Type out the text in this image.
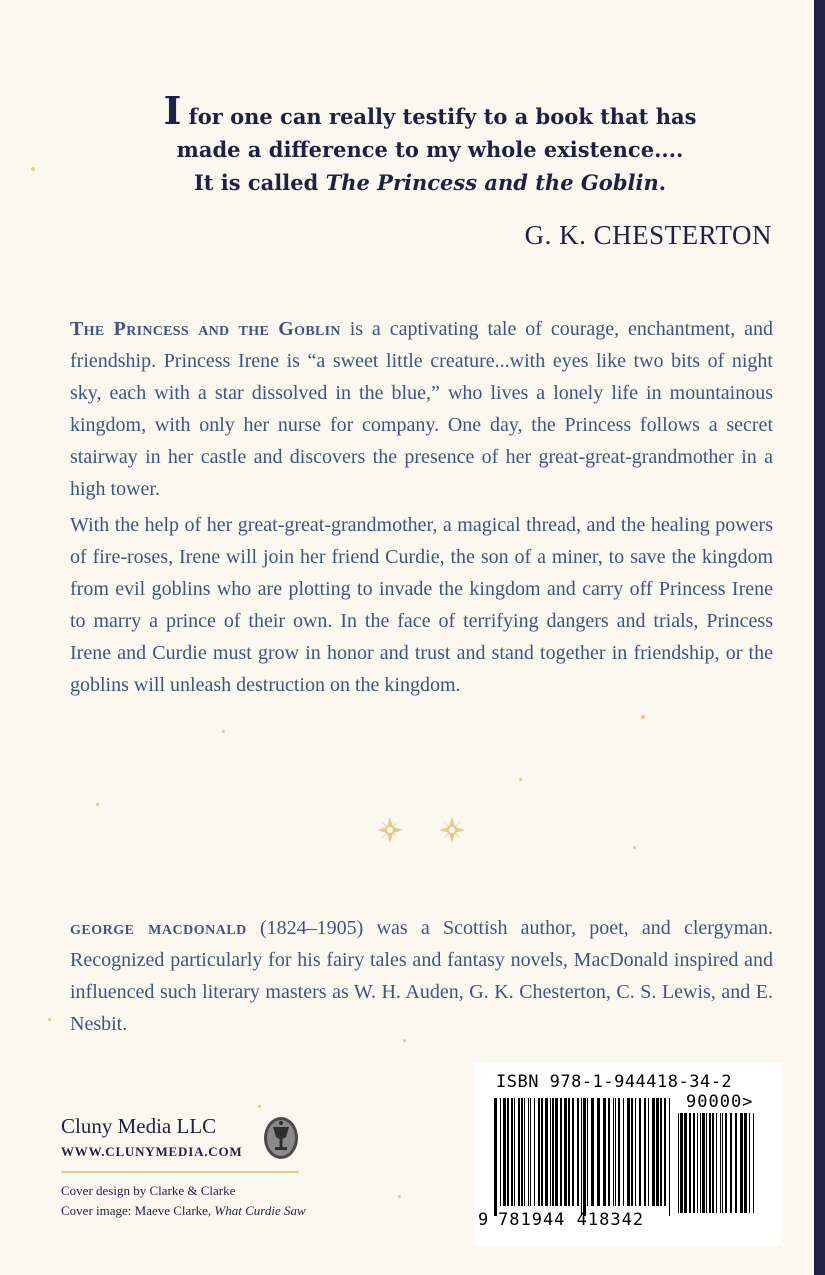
I for one can really testify to a book that has
made a difference to my whole existence....
It is called The Princess and the Goblin.
G. K. CHESTERTON

The Princess and the Goblin is a captivating tale of courage, enchantment, and friendship. Princess Irene is “a sweet little creature...with eyes like two bits of night sky, each with a star dissolved in the blue,” who lives a lonely life in mountainous kingdom, with only her nurse for company. One day, the Princess follows a secret stairway in her castle and discovers the presence of her great-great-grandmother in a high tower.

With the help of her great-great-grandmother, a magical thread, and the healing powers of fire-roses, Irene will join her friend Curdie, the son of a miner, to save the kingdom from evil goblins who are plotting to invade the kingdom and carry off Princess Irene to marry a prince of their own. In the face of terrifying dangers and trials, Princess Irene and Curdie must grow in honor and trust and stand together in friendship, or the goblins will unleash destruction on the kingdom.

george macdonald (1824–1905) was a Scottish author, poet, and clergyman. Recognized particularly for his fairy tales and fantasy novels, MacDonald inspired and influenced such literary masters as W. H. Auden, G. K. Chesterton, C. S. Lewis, and E. Nesbit.

Cluny Media LLC
WWW.CLUNYMEDIA.COM
Cover design by Clarke & Clarke
Cover image: Maeve Clarke, What Curdie Saw
ISBN 978-1-944418-34-2
90000>
9 781944 418342
